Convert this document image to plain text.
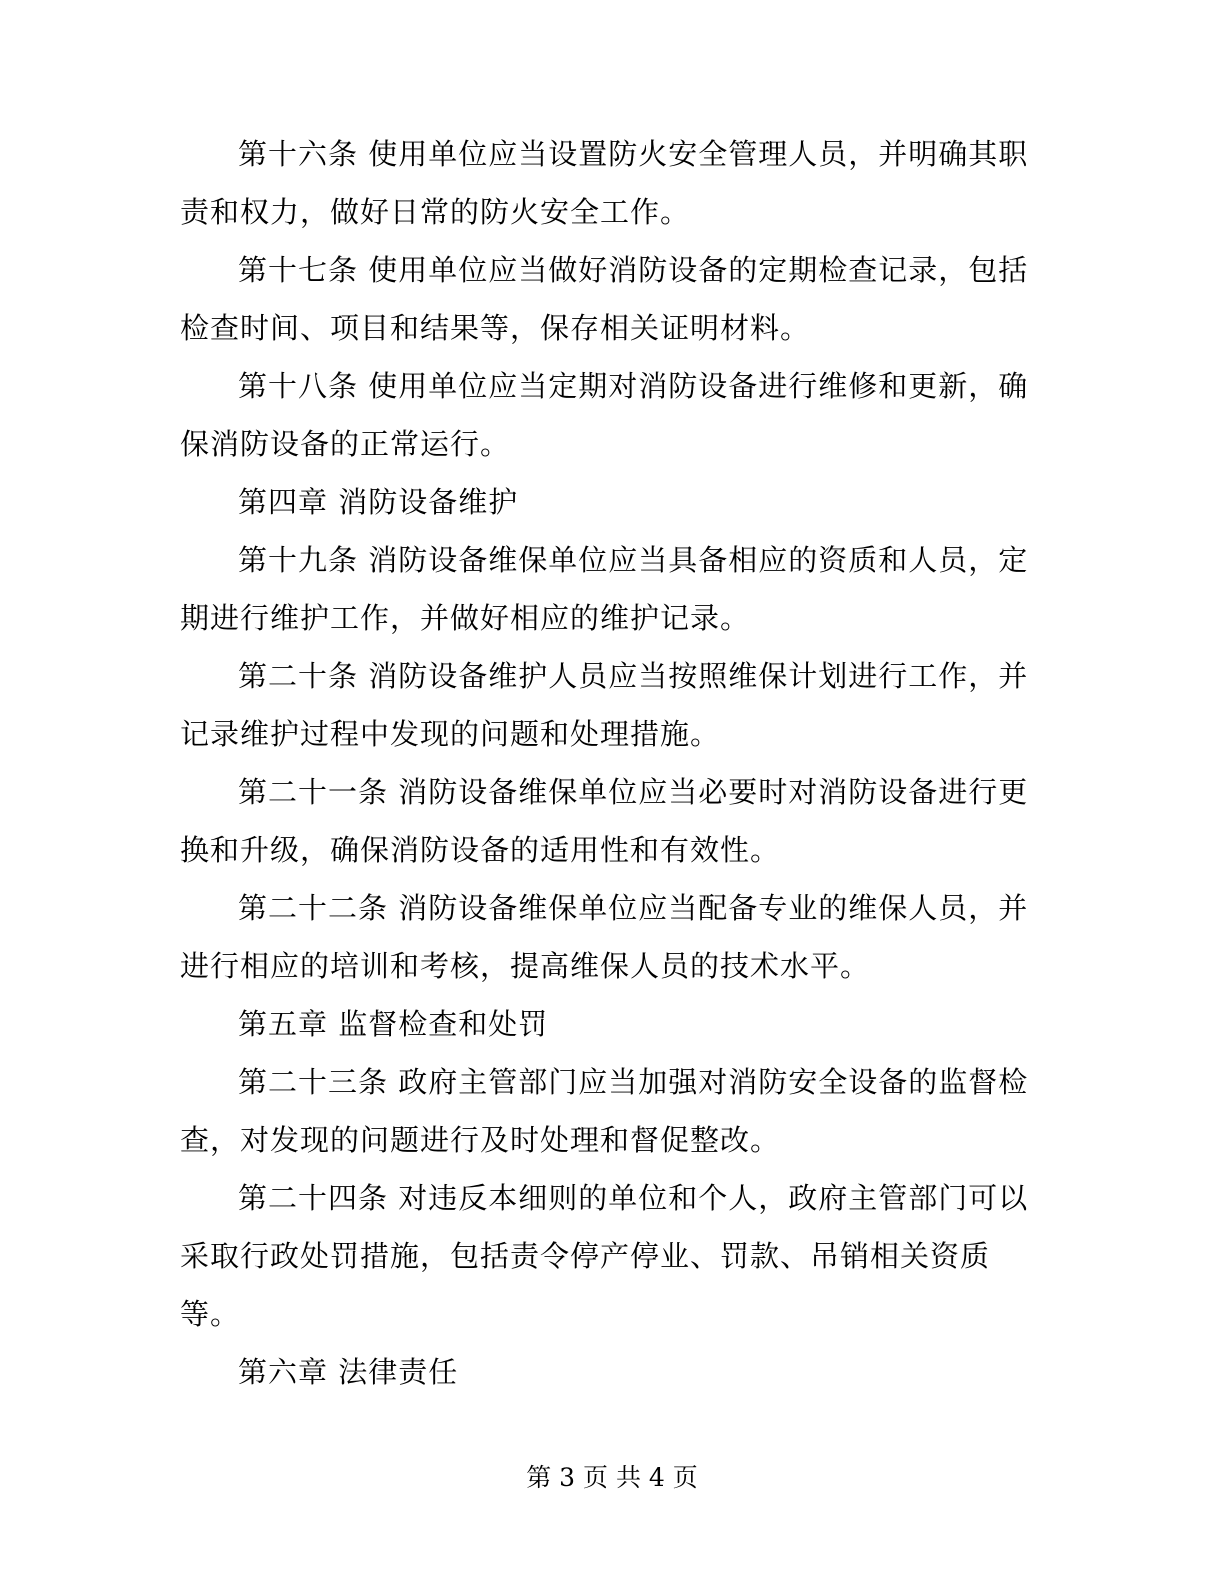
第十六条 使用单位应当设置防火安全管理人员，并明确其职
责和权力，做好日常的防火安全工作。
第十七条 使用单位应当做好消防设备的定期检查记录，包括
检查时间、项目和结果等，保存相关证明材料。
第十八条 使用单位应当定期对消防设备进行维修和更新，确
保消防设备的正常运行。
第四章 消防设备维护
第十九条 消防设备维保单位应当具备相应的资质和人员，定
期进行维护工作，并做好相应的维护记录。
第二十条 消防设备维护人员应当按照维保计划进行工作，并
记录维护过程中发现的问题和处理措施。
第二十一条 消防设备维保单位应当必要时对消防设备进行更
换和升级，确保消防设备的适用性和有效性。
第二十二条 消防设备维保单位应当配备专业的维保人员，并
进行相应的培训和考核，提高维保人员的技术水平。
第五章 监督检查和处罚
第二十三条 政府主管部门应当加强对消防安全设备的监督检
查，对发现的问题进行及时处理和督促整改。
第二十四条 对违反本细则的单位和个人，政府主管部门可以
采取行政处罚措施，包括责令停产停业、罚款、吊销相关资质
等。
第六章 法律责任
第 3 页 共 4 页
